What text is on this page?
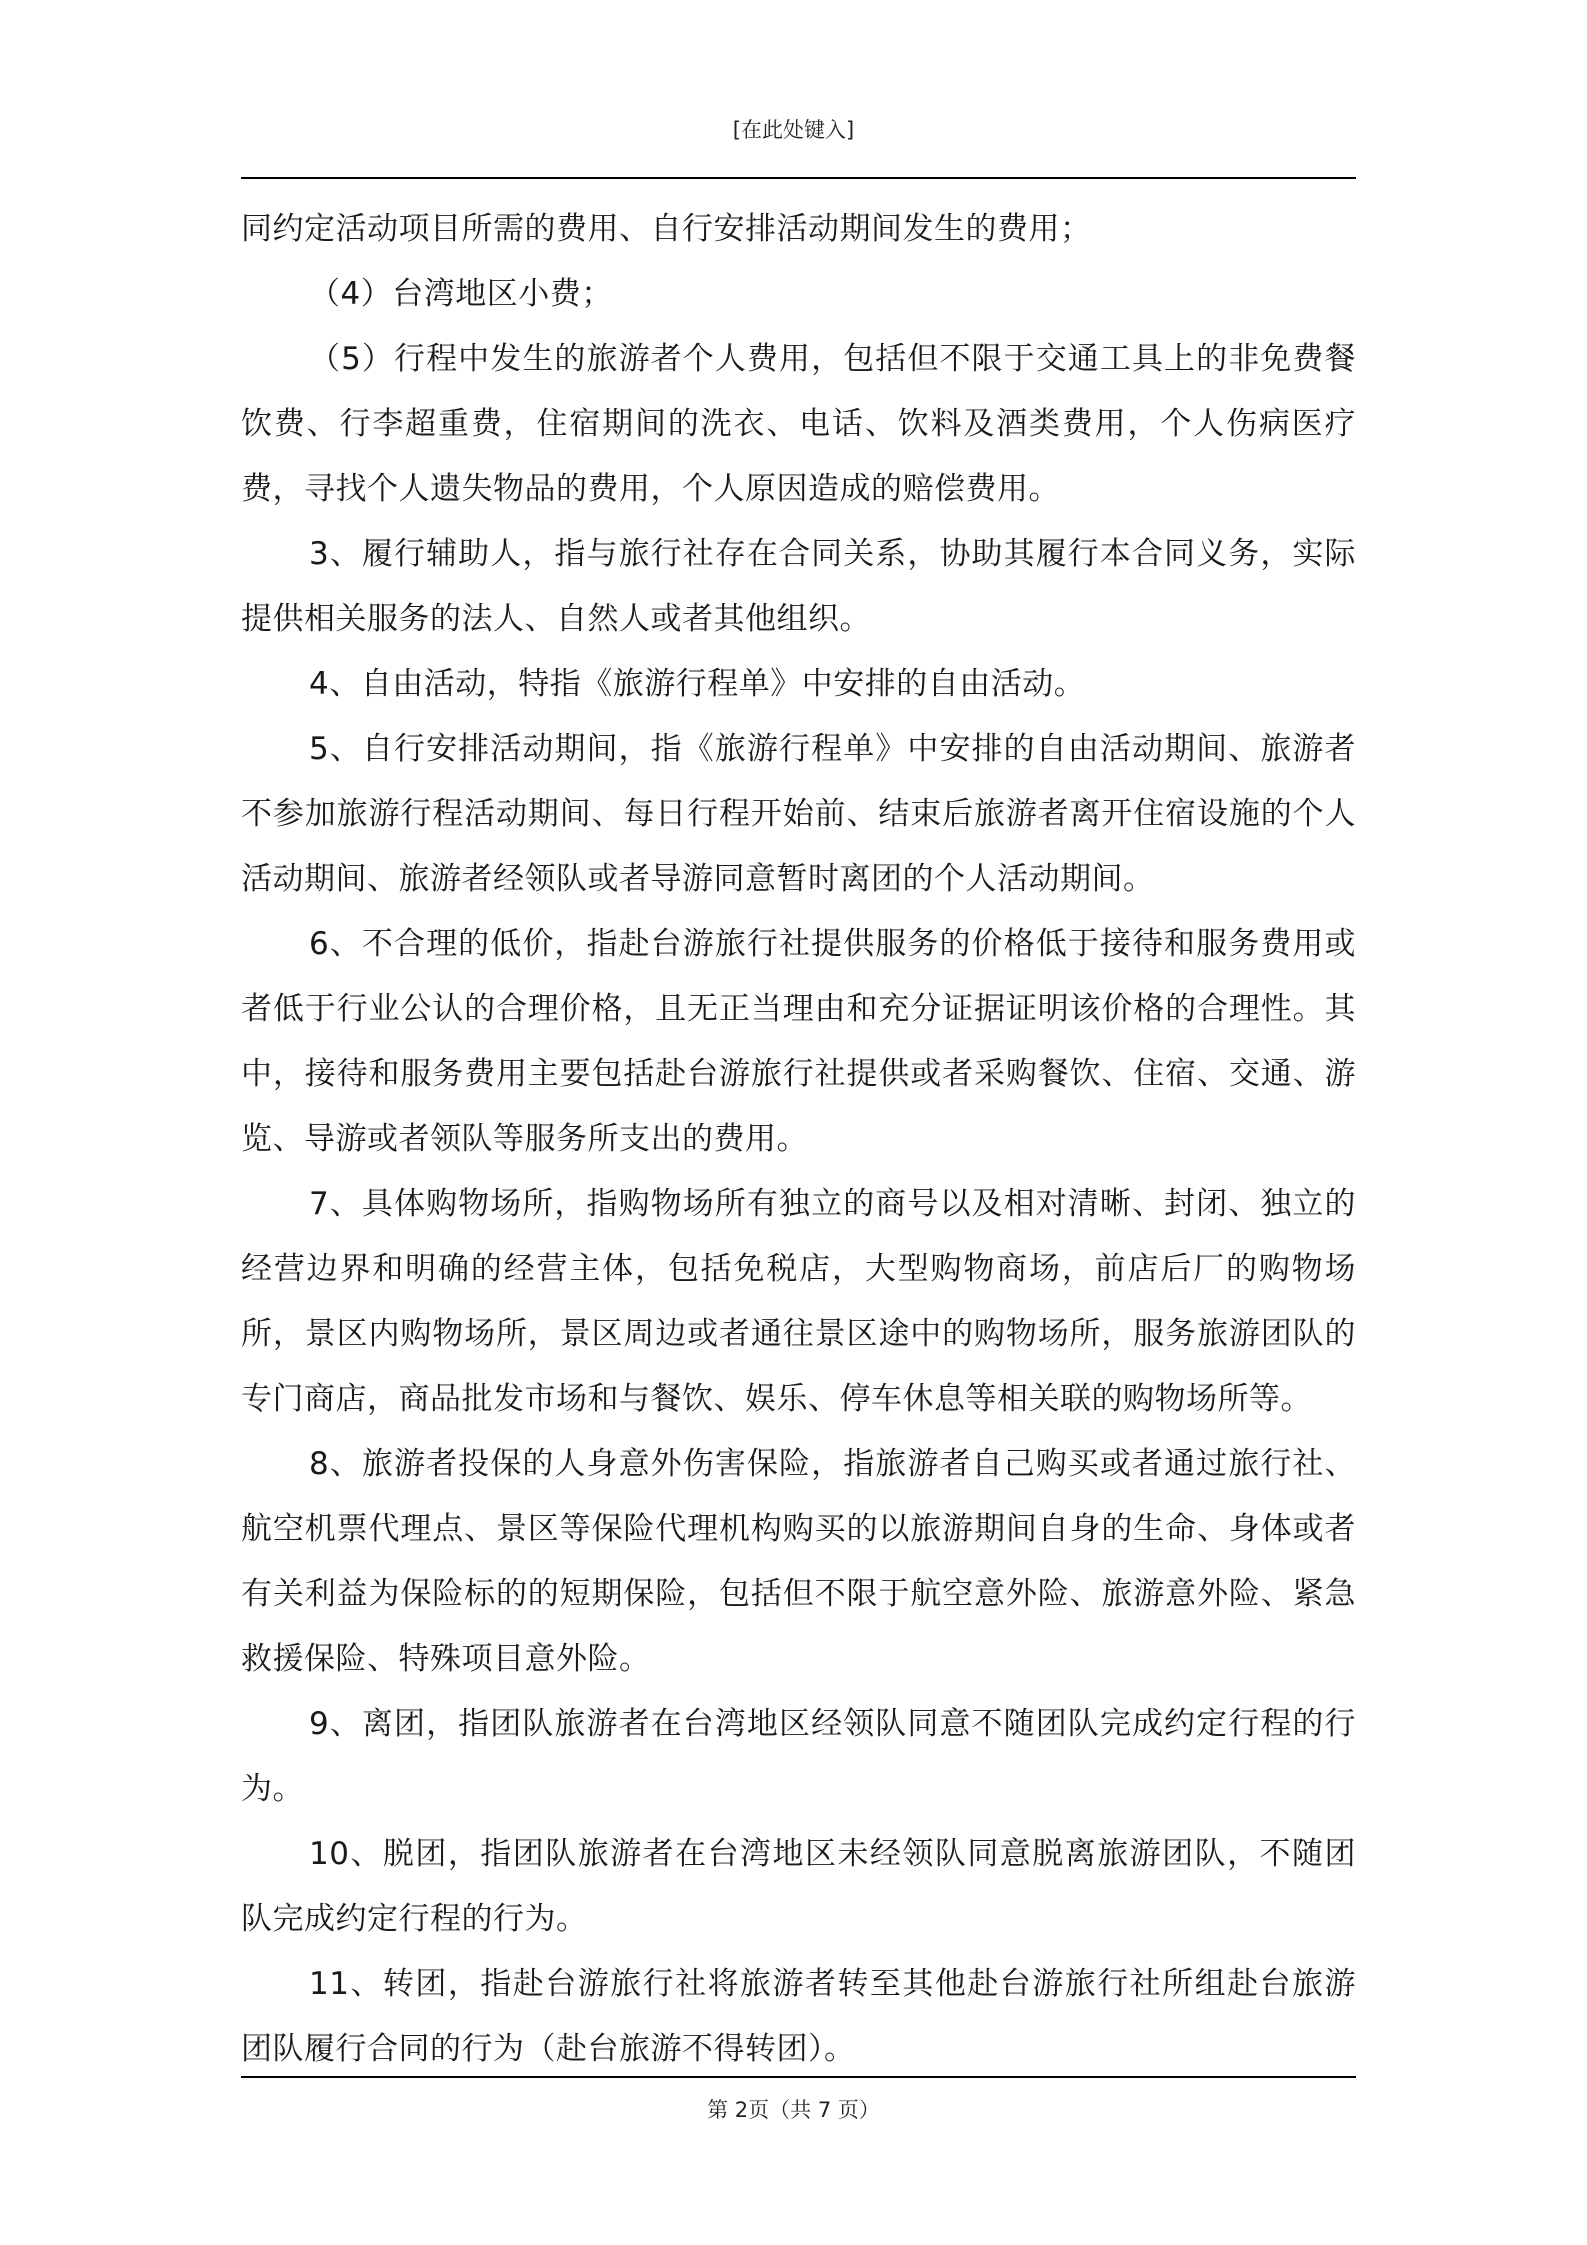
[在此处键入]

同约定活动项目所需的费用、自行安排活动期间发生的费用；

（4）台湾地区小费；

（5）行程中发生的旅游者个人费用，包括但不限于交通工具上的非免费餐饮费、行李超重费，住宿期间的洗衣、电话、饮料及酒类费用，个人伤病医疗费，寻找个人遗失物品的费用，个人原因造成的赔偿费用。

3、履行辅助人，指与旅行社存在合同关系，协助其履行本合同义务，实际提供相关服务的法人、自然人或者其他组织。

4、自由活动，特指《旅游行程单》中安排的自由活动。

5、自行安排活动期间，指《旅游行程单》中安排的自由活动期间、旅游者不参加旅游行程活动期间、每日行程开始前、结束后旅游者离开住宿设施的个人活动期间、旅游者经领队或者导游同意暂时离团的个人活动期间。

6、不合理的低价，指赴台游旅行社提供服务的价格低于接待和服务费用或者低于行业公认的合理价格，且无正当理由和充分证据证明该价格的合理性。其中，接待和服务费用主要包括赴台游旅行社提供或者采购餐饮、住宿、交通、游览、导游或者领队等服务所支出的费用。

7、具体购物场所，指购物场所有独立的商号以及相对清晰、封闭、独立的经营边界和明确的经营主体，包括免税店，大型购物商场，前店后厂的购物场所，景区内购物场所，景区周边或者通往景区途中的购物场所，服务旅游团队的专门商店，商品批发市场和与餐饮、娱乐、停车休息等相关联的购物场所等。

8、旅游者投保的人身意外伤害保险，指旅游者自己购买或者通过旅行社、航空机票代理点、景区等保险代理机构购买的以旅游期间自身的生命、身体或者有关利益为保险标的的短期保险，包括但不限于航空意外险、旅游意外险、紧急救援保险、特殊项目意外险。

9、离团，指团队旅游者在台湾地区经领队同意不随团队完成约定行程的行为。

10、脱团，指团队旅游者在台湾地区未经领队同意脱离旅游团队，不随团队完成约定行程的行为。

11、转团，指赴台游旅行社将旅游者转至其他赴台游旅行社所组赴台旅游团队履行合同的行为（赴台旅游不得转团）。

第 2页（共 7 页）
